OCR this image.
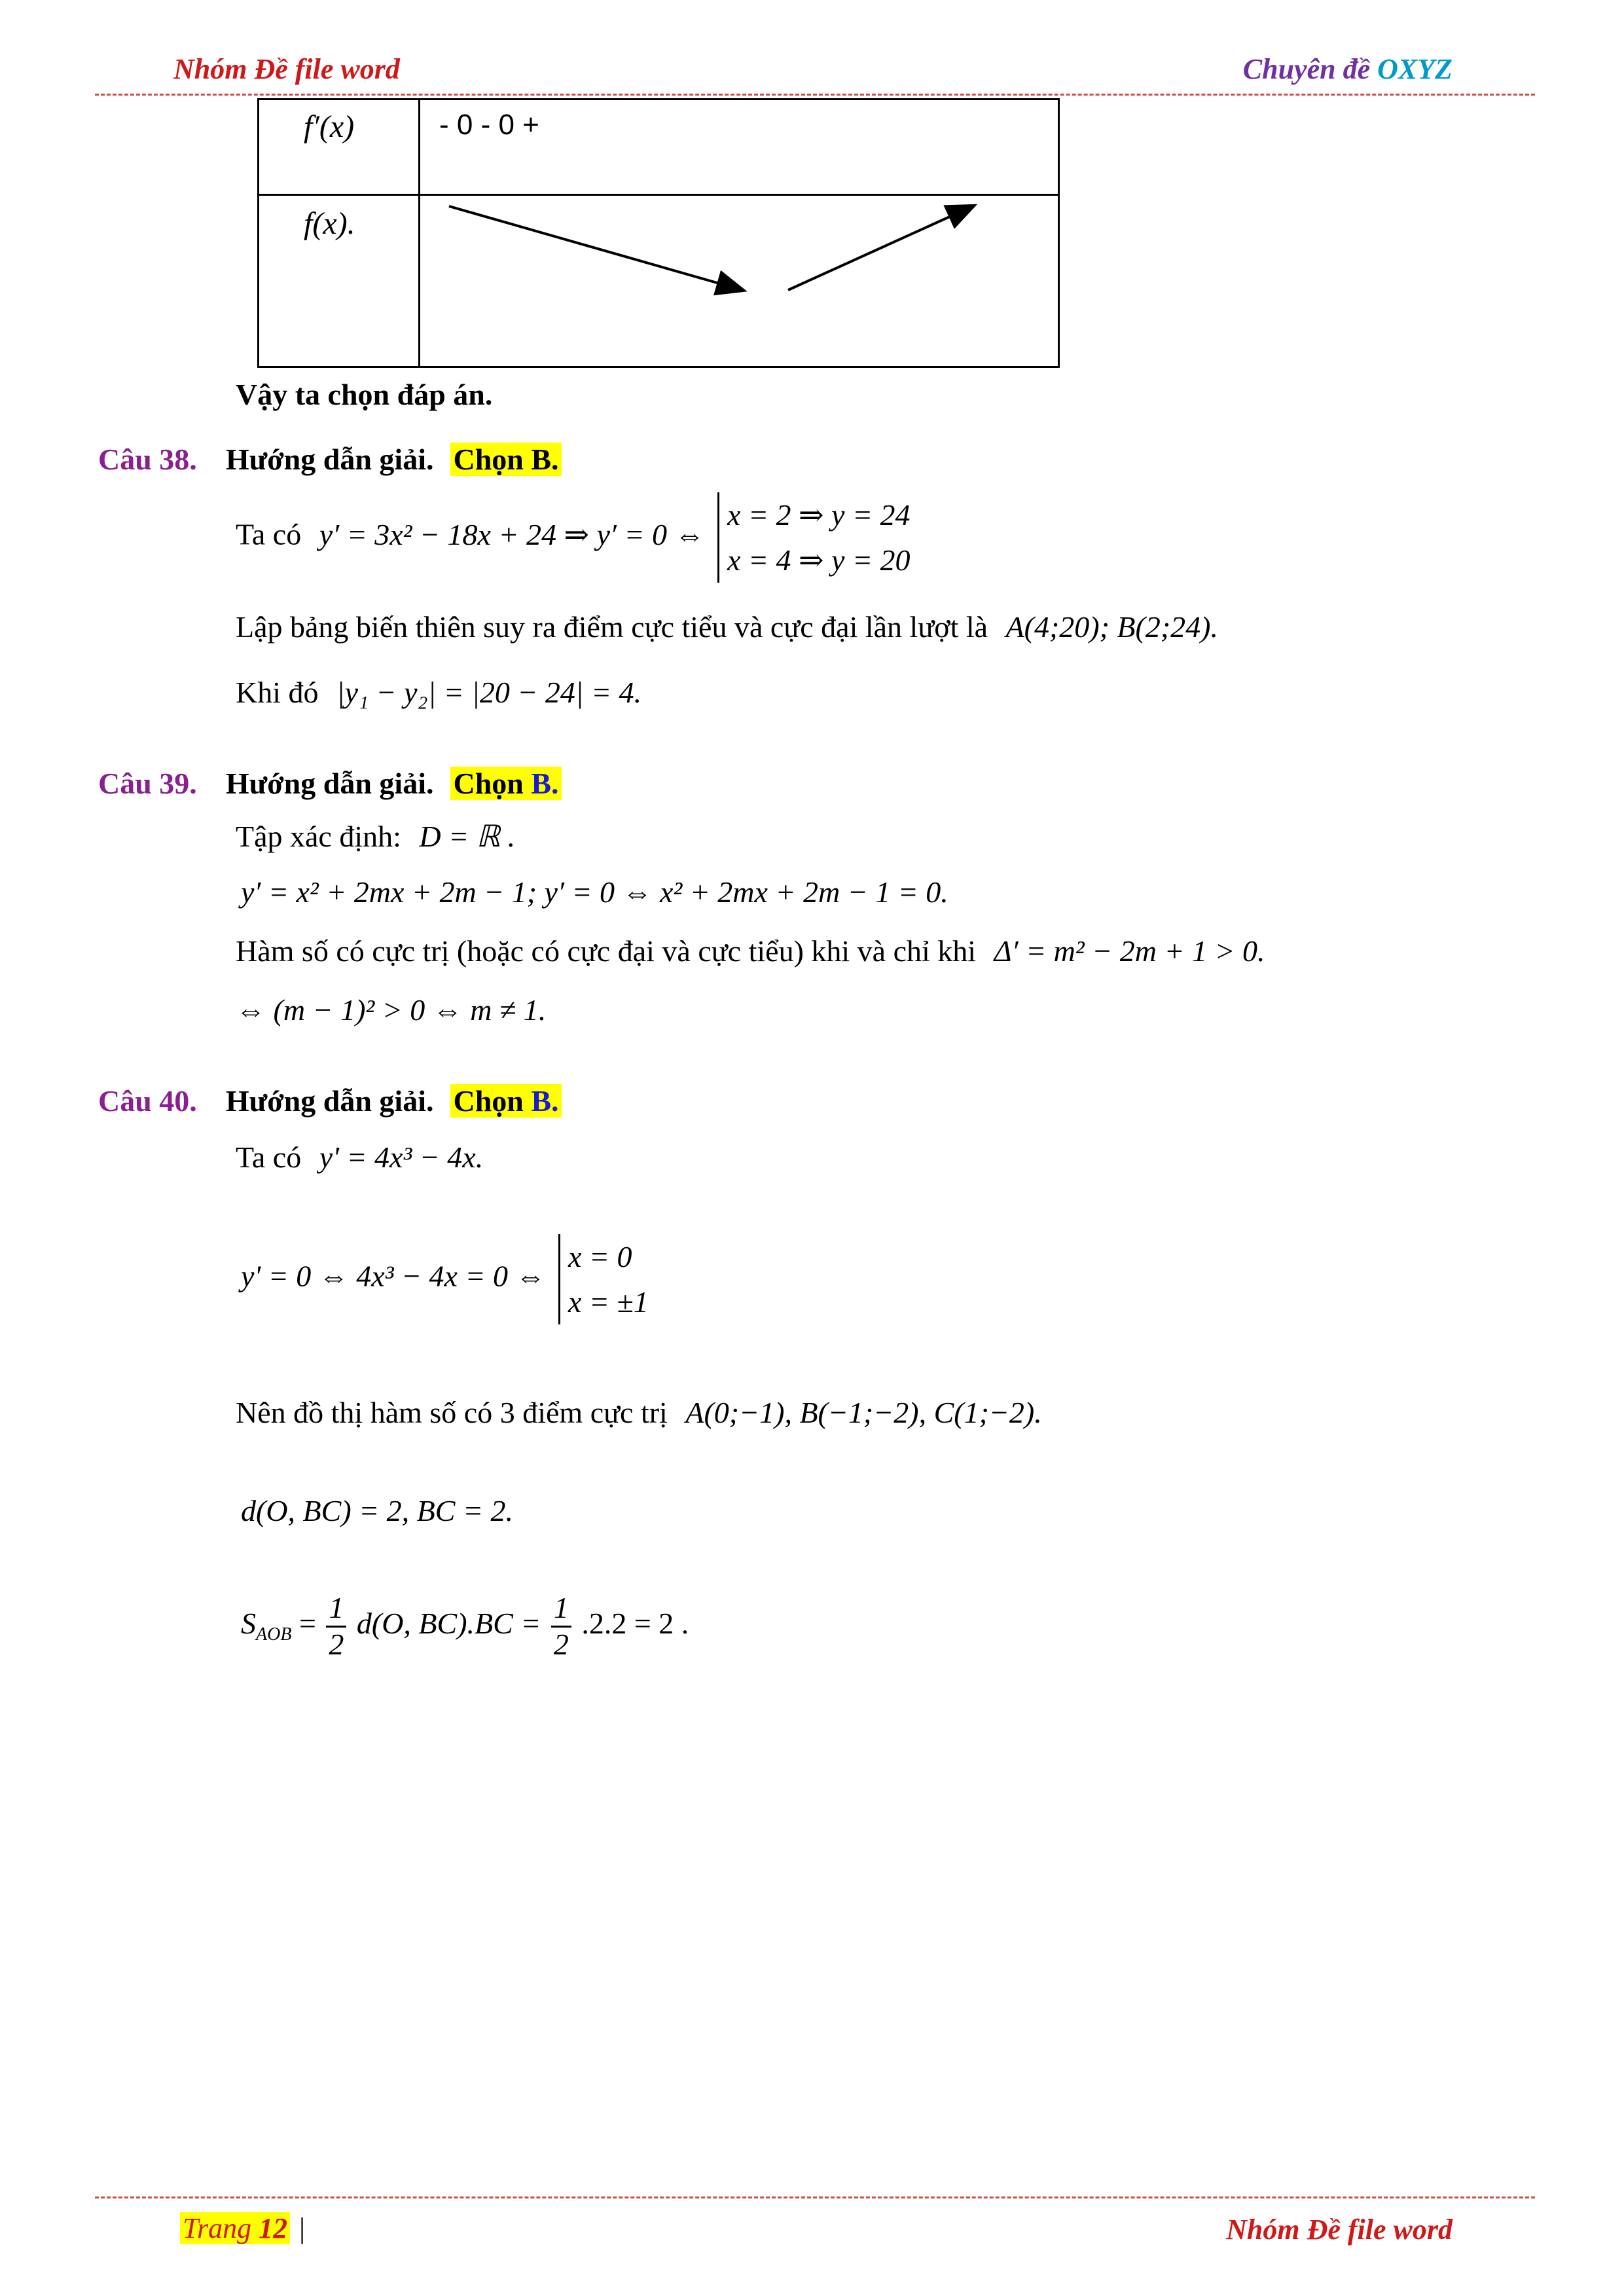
Nhóm Đề file word	Chuyên đề OXYZ
f′(x)	- 0 - 0 +
f(x).
Vậy ta chọn đáp án.
Câu 38. Hướng dẫn giải. Chọn B.
Ta có y′ = 3x² − 18x + 24 ⇒ y′ = 0 ⇔
x = 2 ⇒ y = 24
x = 4 ⇒ y = 20
Lập bảng biến thiên suy ra điểm cực tiểu và cực đại lần lượt là A(4;20); B(2;24).
Khi đó |y₁ − y₂| = |20 − 24| = 4.
Câu 39. Hướng dẫn giải. Chọn B.
Tập xác định: D = ℝ .
y′ = x² + 2mx + 2m − 1; y′ = 0 ⇔ x² + 2mx + 2m − 1 = 0.
Hàm số có cực trị (hoặc có cực đại và cực tiểu) khi và chỉ khi Δ′ = m² − 2m + 1 > 0.
⇔ (m − 1)² > 0 ⇔ m ≠ 1.
Câu 40. Hướng dẫn giải. Chọn B.
Ta có y' = 4x³ − 4x.
y' = 0 ⇔ 4x³ − 4x = 0 ⇔
x = 0
x = ±1
Nên đồ thị hàm số có 3 điểm cực trị A(0;−1), B(−1;−2), C(1;−2).
d(O, BC) = 2, BC = 2.
$S_{AOB} = \frac{1}{2} d(O$, $BC).BC = \frac{1}{2} .2.2 = 2$ .
Trang 12 |	Nhóm Đề file word
